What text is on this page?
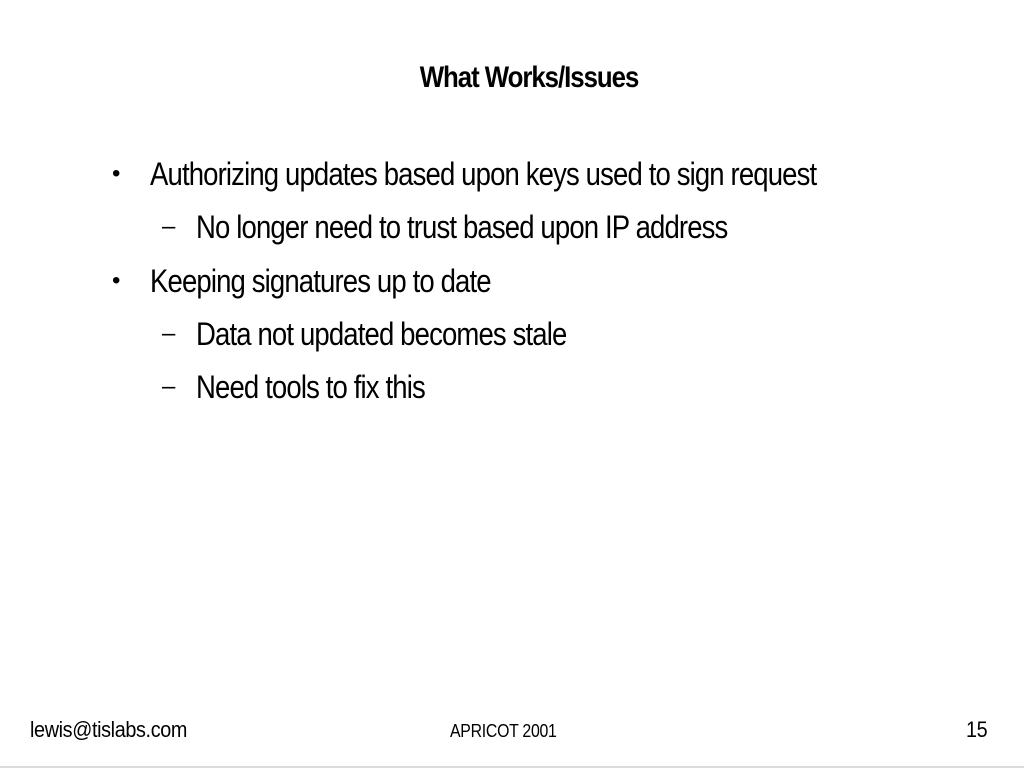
What Works/Issues
• Authorizing updates based upon keys used to sign request
– No longer need to trust based upon IP address
• Keeping signatures up to date
– Data not updated becomes stale
– Need tools to fix this
lewis@tislabs.com	APRICOT 2001	15
